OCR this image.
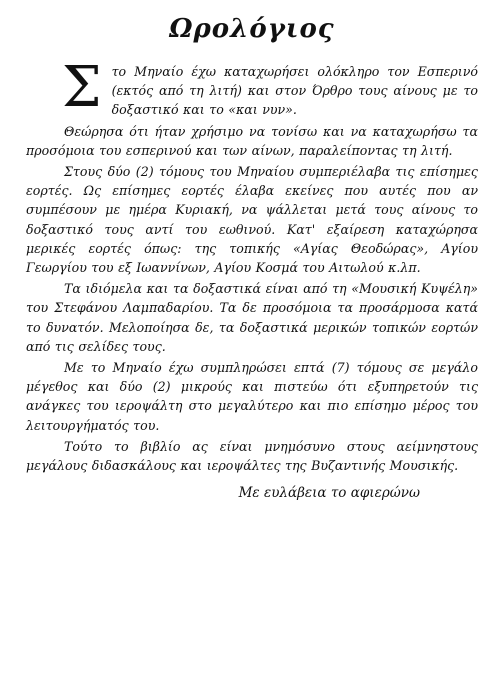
Ωρολόγιος

Στο Μηναίο έχω καταχωρήσει ολόκληρο τον Εσπερινό (εκτός από τη λιτή) και στον Όρθρο τους αίνους με το δοξαστικό και το «και νυν».

Θεώρησα ότι ήταν χρήσιμο να τονίσω και να καταχωρήσω τα προσόμοια του εσπερινού και των αίνων, παραλείποντας τη λιτή.

Στους δύο (2) τόμους του Μηναίου συμπεριέλαβα τις επίσημες εορτές. Ως επίσημες εορτές έλαβα εκείνες που αυτές που αν συμπέσουν με ημέρα Κυριακή, να ψάλλεται μετά τους αίνους το δοξαστικό τους αντί του εωθινού. Κατ' εξαίρεση καταχώρησα μερικές εορτές όπως: της τοπικής «Αγίας Θεοδώρας», Αγίου Γεωργίου του εξ Ιωαννίνων, Αγίου Κοσμά του Αιτωλού κ.λπ.

Τα ιδιόμελα και τα δοξαστικά είναι από τη «Μουσική Κυψέλη» του Στεφάνου Λαμπαδαρίου. Τα δε προσόμοια τα προσάρμοσα κατά το δυνατόν. Μελοποίησα δε, τα δοξαστικά μερικών τοπικών εορτών από τις σελίδες τους.

Με το Μηναίο έχω συμπληρώσει επτά (7) τόμους σε μεγάλο μέγεθος και δύο (2) μικρούς και πιστεύω ότι εξυπηρετούν τις ανάγκες του ιεροψάλτη στο μεγαλύτερο και πιο επίσημο μέρος του λειτουργήματός του.

Τούτο το βιβλίο ας είναι μνημόσυνο στους αείμνηστους μεγάλους διδασκάλους και ιεροψάλτες της Βυζαντινής Μουσικής.

Με ευλάβεια το αφιερώνω
